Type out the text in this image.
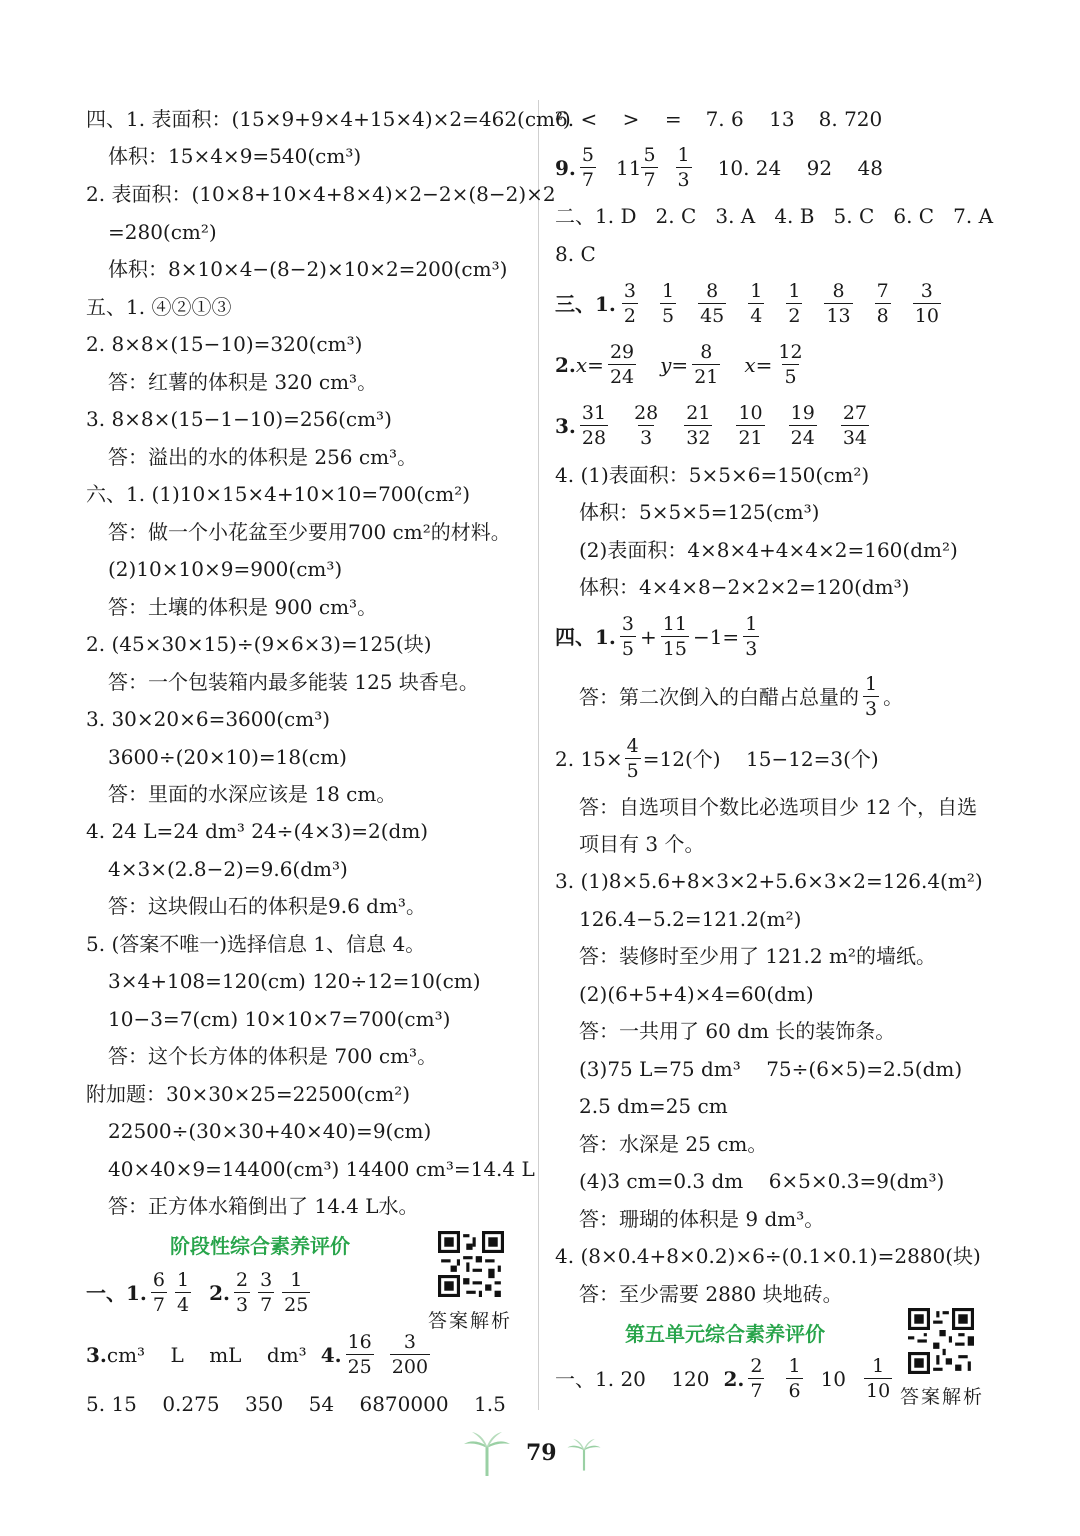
四、1. 表面积：(15×9+9×4+15×4)×2=462(cm²)
体积：15×4×9=540(cm³)
2. 表面积：(10×8+10×4+8×4)×2−2×(8−2)×2
=280(cm²)
体积：8×10×4−(8−2)×10×2=200(cm³)
五、1. ④②①③
2. 8×8×(15−10)=320(cm³)
答：红薯的体积是 320 cm³。
3. 8×8×(15−1−10)=256(cm³)
答：溢出的水的体积是 256 cm³。
六、1. (1)10×15×4+10×10=700(cm²)
答：做一个小花盆至少要用700 cm²的材料。
(2)10×10×9=900(cm³)
答：土壤的体积是 900 cm³。
2. (45×30×15)÷(9×6×3)=125(块)
答：一个包装箱内最多能装 125 块香皂。
3. 30×20×6=3600(cm³)
3600÷(20×10)=18(cm)
答：里面的水深应该是 18 cm。
4. 24 L=24 dm³ 24÷(4×3)=2(dm)
4×3×(2.8−2)=9.6(dm³)
答：这块假山石的体积是9.6 dm³。
5. (答案不唯一)选择信息 1、信息 4。
3×4+108=120(cm) 120÷12=10(cm)
10−3=7(cm) 10×10×7=700(cm³)
答：这个长方体的体积是 700 cm³。
附加题：30×30×25=22500(cm²)
22500÷(30×30+40×40)=9(cm)
40×40×9=14400(cm³) 14400 cm³=14.4 L
答：正方体水箱倒出了 14.4 L水。
阶段性综合素养评价
一、1. $\frac{6}{7} \frac{1}{4} 2$. $\frac{2}{3} \frac{3}{7} \frac{1}{25}$
3. cm³    L    mL    dm³ 4. $\frac{16}{25} \frac{3}{200}$
5. 15    0.275    350    54    6870000    1.5
答案解析
6. <    >    = 7. 6    13 8. 720
9. $\frac{5}{7} 11 \frac{5}{7} \frac{1}{3} 10$. 24    92    48
二、1. D   2. C   3. A   4. B   5. C   6. C   7. A
8. C
三、1. $\frac{3}{2} \frac{1}{5} \frac{8}{45} \frac{1}{4} \frac{1}{2} \frac{8}{13} \frac{7}{8} \frac{3}{10}$
2. $x= \frac{29}{24} y= \frac{8}{21} x= \frac{12}{5}$
3. $\frac{31}{28} \frac{28}{3} \frac{21}{32} \frac{10}{21} \frac{19}{24} \frac{27}{34}$
4. (1)表面积：5×5×6=150(cm²)
体积：5×5×5=125(cm³)
(2)表面积：4×8×4+4×4×2=160(dm²)
体积：4×4×8−2×2×2=120(dm³)
四、1. $\frac{3}{5} + \frac{11}{15} -1= \frac{1}{3}$
答：第二次倒入的白醋占总量的 $\frac{1}{3}$ 。
2. $15\times \frac{4}{5} =12$(个)    15−12=3(个)
答：自选项目个数比必选项目少 12 个，自选
项目有 3 个。
3. (1)8×5.6+8×3×2+5.6×3×2=126.4(m²)
126.4−5.2=121.2(m²)
答：装修时至少用了 121.2 m²的墙纸。
(2)(6+5+4)×4=60(dm)
答：一共用了 60 dm 长的装饰条。
(3)75 L=75 dm³    75÷(6×5)=2.5(dm)
2.5 dm=25 cm
答：水深是 25 cm。
(4)3 cm=0.3 dm    6×5×0.3=9(dm³)
答：珊瑚的体积是 9 dm³。
4. (8×0.4+8×0.2)×6÷(0.1×0.1)=2880(块)
答：至少需要 2880 块地砖。
第五单元综合素养评价
一、1. 20    120 2. $\frac{2}{7} \frac{1}{6} 10 \frac{1}{10}$ 答案解析
79
